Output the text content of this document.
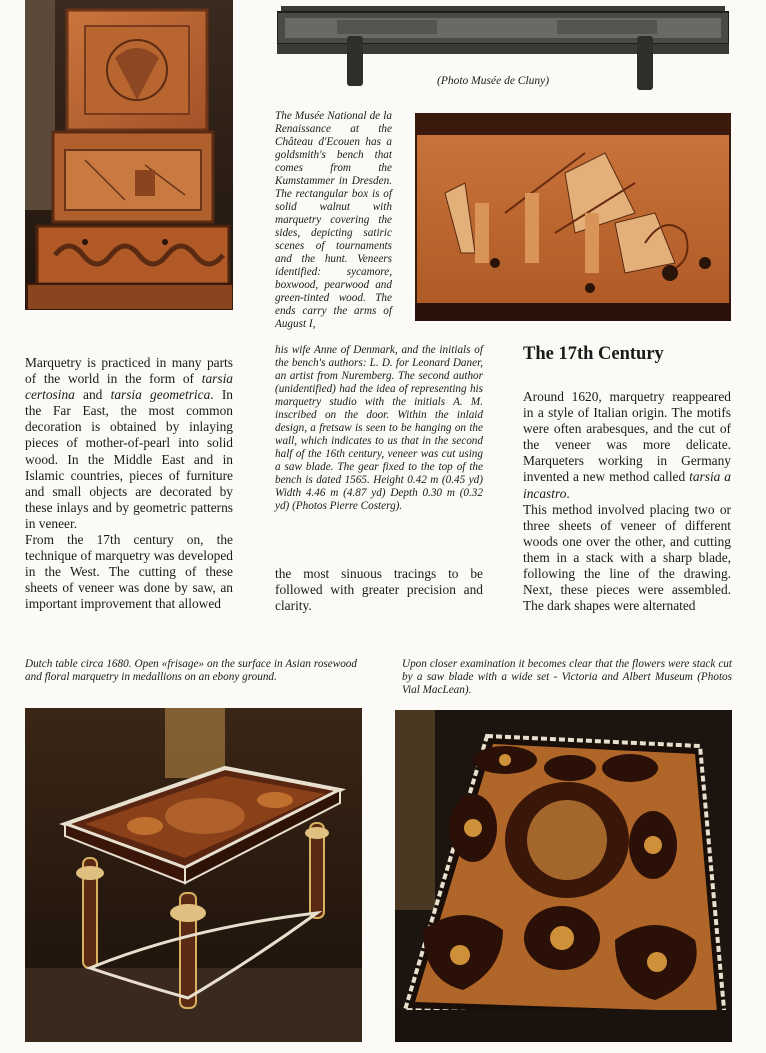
(Photo Musée de Cluny)
The Musée National de la Renaissance at the Château d'Ecouen has a goldsmith's bench that comes from the Kumstammer in Dresden. The rectangular box is of solid walnut with marquetry covering the sides, depicting satiric scenes of tournaments and the hunt. Veneers identified: sycamore, boxwood, pearwood and green-tinted wood. The ends carry the arms of August I,
his wife Anne of Denmark, and the initials of the bench's authors: L. D. for Leonard Daner, an artist from Nuremberg. The second author (unidentified) had the idea of representing his marquetry studio with the initials A. M. inscribed on the door. Within the inlaid design, a fretsaw is seen to be hanging on the wall, which indicates to us that in the second half of the 16th century, veneer was cut using a saw blade. The gear fixed to the top of the bench is dated 1565. Height 0.42 m (0.45 yd) Width 4.46 m (4.87 yd) Depth 0.30 m (0.32 yd) (Photos Pierre Costerg).

Marquetry is practiced in many parts of the world in the form of tarsia certosina and tarsia geometrica. In the Far East, the most common decoration is obtained by inlaying pieces of mother-of-pearl into solid wood. In the Middle East and in Islamic countries, pieces of furniture and small objects are decorated by these inlays and by geometric patterns in veneer.

From the 17th century on, the technique of marquetry was developed in the West. The cutting of these sheets of veneer was done by saw, an important improvement that allowed

the most sinuous tracings to be followed with greater precision and clarity.
The 17th Century

Around 1620, marquetry reappeared in a style of Italian origin. The motifs were often arabesques, and the cut of the veneer was more delicate. Marqueters working in Germany invented a new method called tarsia a incastro.

This method involved placing two or three sheets of veneer of different woods one over the other, and cutting them in a stack with a sharp blade, following the line of the drawing. Next, these pieces were assembled. The dark shapes were alternated

Dutch table circa 1680. Open «frisage» on the surface in Asian rosewood and floral marquetry in medallions on an ebony ground.
Upon closer examination it becomes clear that the flowers were stack cut by a saw blade with a wide set - Victoria and Albert Museum (Photos Vial MacLean).
